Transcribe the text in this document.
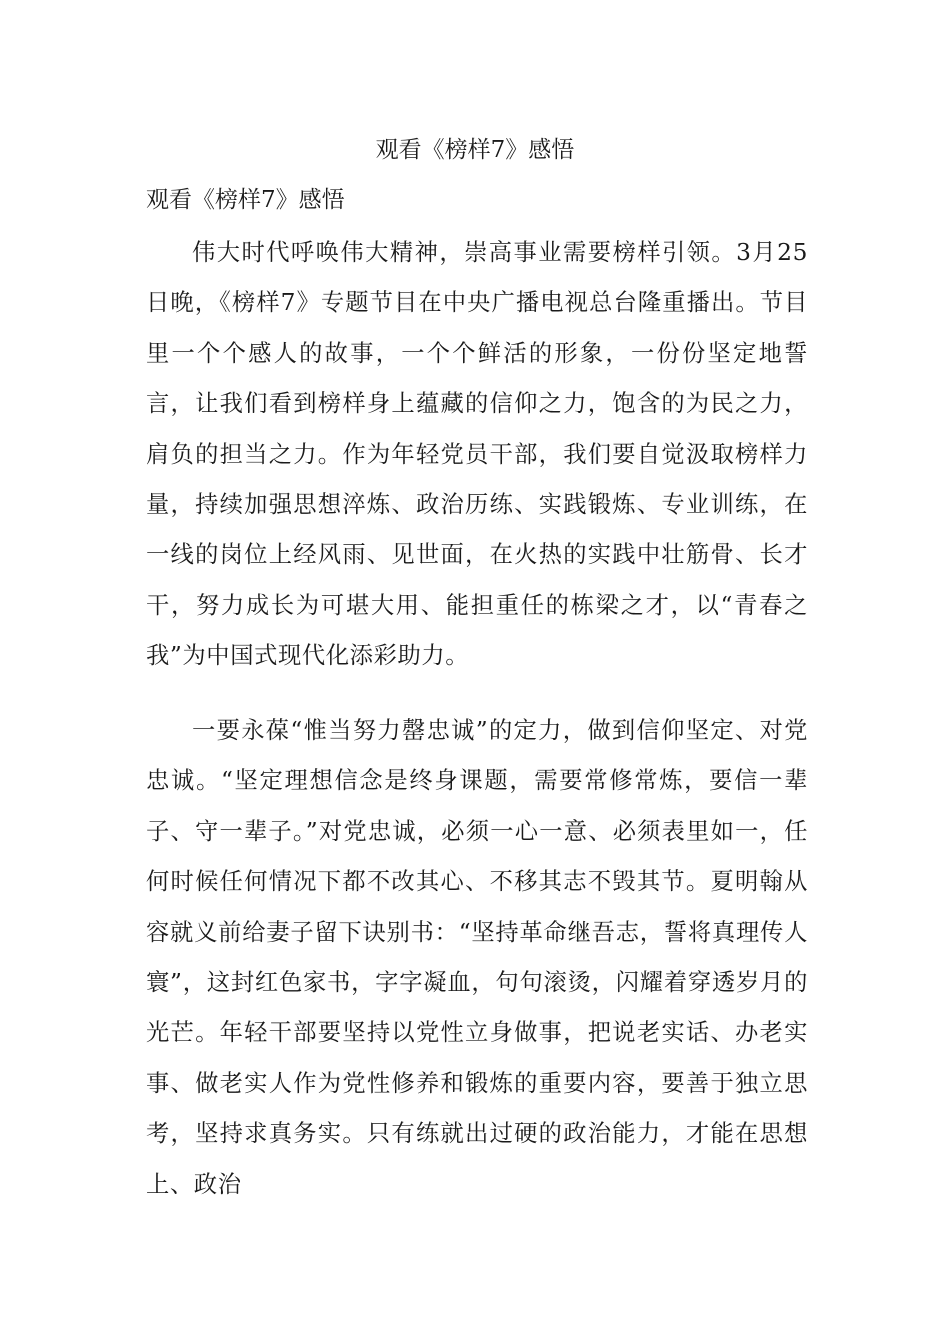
观看《榜样7》感悟

观看《榜样7》感悟

伟大时代呼唤伟大精神，崇高事业需要榜样引领。3月25日晚，《榜样7》专题节目在中央广播电视总台隆重播出。节目里一个个感人的故事，一个个鲜活的形象，一份份坚定地誓言，让我们看到榜样身上蕴藏的信仰之力，饱含的为民之力，肩负的担当之力。作为年轻党员干部，我们要自觉汲取榜样力量，持续加强思想淬炼、政治历练、实践锻炼、专业训练，在一线的岗位上经风雨、见世面，在火热的实践中壮筋骨、长才干，努力成长为可堪大用、能担重任的栋梁之才，以“青春之我”为中国式现代化添彩助力。

一要永葆“惟当努力罄忠诚”的定力，做到信仰坚定、对党忠诚。“坚定理想信念是终身课题，需要常修常炼，要信一辈子、守一辈子。”对党忠诚，必须一心一意、必须表里如一，任何时候任何情况下都不改其心、不移其志不毁其节。夏明翰从容就义前给妻子留下诀别书：“坚持革命继吾志，誓将真理传人寰”，这封红色家书，字字凝血，句句滚烫，闪耀着穿透岁月的光芒。年轻干部要坚持以党性立身做事，把说老实话、办老实事、做老实人作为党性修养和锻炼的重要内容，要善于独立思考，坚持求真务实。只有练就出过硬的政治能力，才能在思想上、政治
